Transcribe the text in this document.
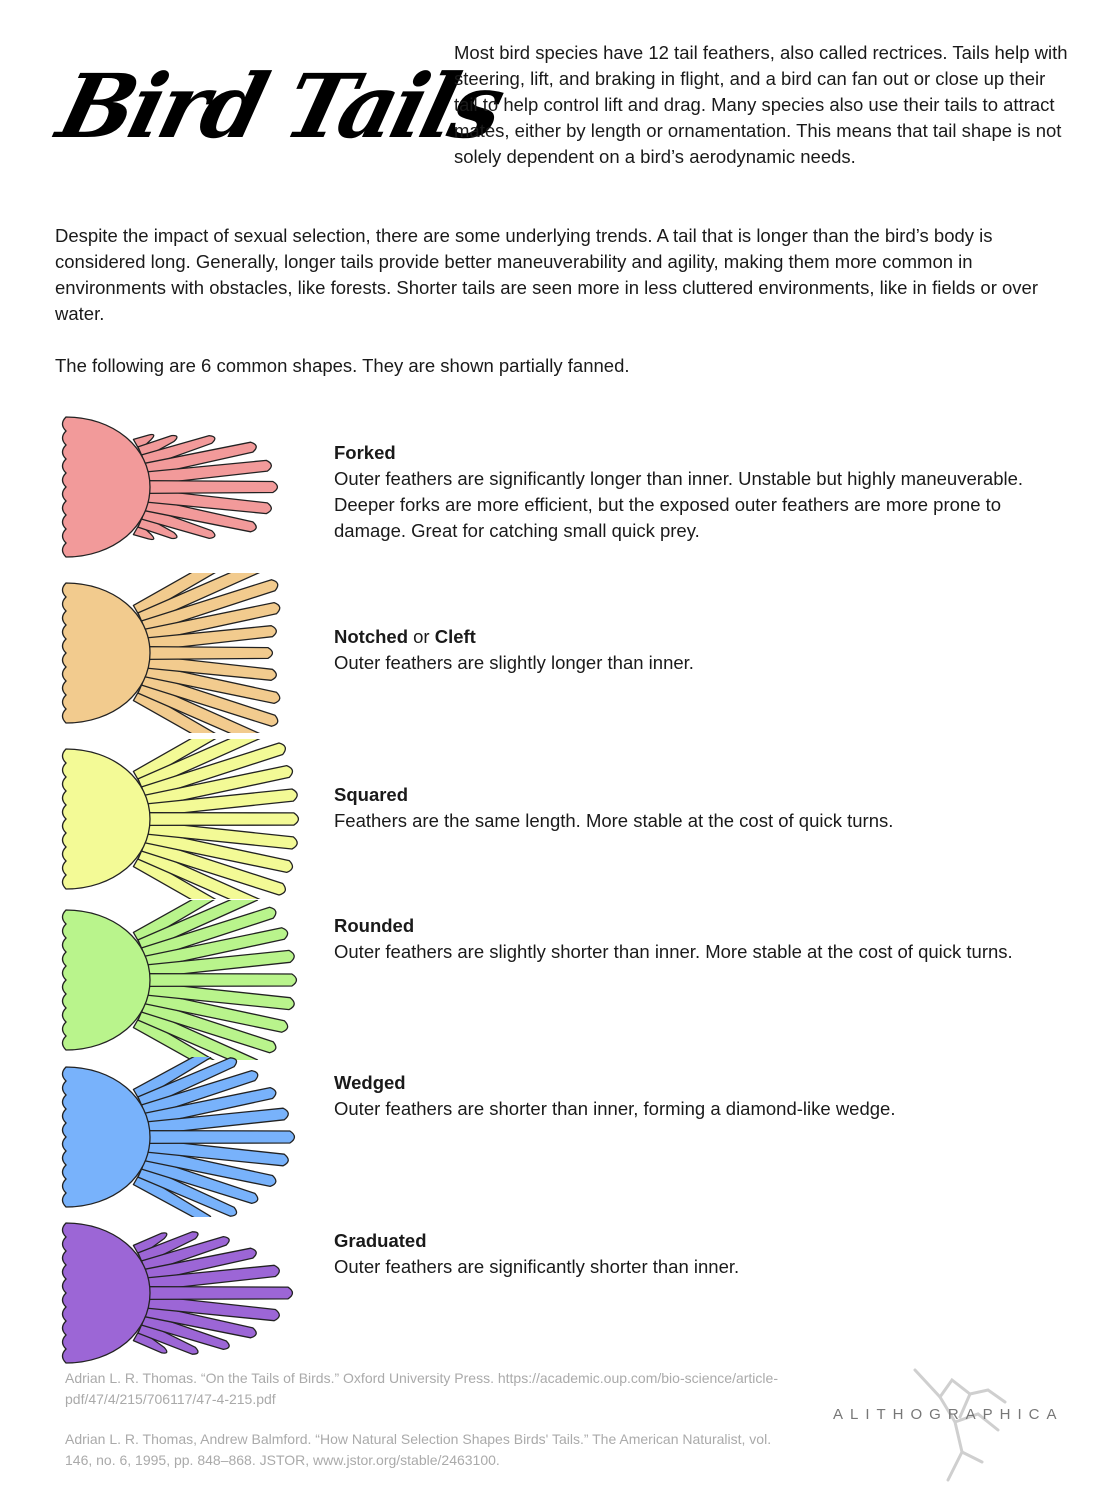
Bird Tails

Most bird species have 12 tail feathers, also called rectrices. Tails help with steering, lift, and braking in flight, and a bird can fan out or close up their tail to help control lift and drag. Many species also use their tails to attract mates, either by length or ornamentation. This means that tail shape is not solely dependent on a bird’s aerodynamic needs.

Despite the impact of sexual selection, there are some underlying trends. A tail that is longer than the bird’s body is considered long. Generally, longer tails provide better maneuverability and agility, making them more common in environments with obstacles, like forests. Shorter tails are seen more in less cluttered environments, like in fields or over water.

The following are 6 common shapes. They are shown partially fanned.

Forked
Outer feathers are significantly longer than inner. Unstable but highly maneuverable. Deeper forks are more efficient, but the exposed outer feathers are more prone to damage. Great for catching small quick prey.
Notched or Cleft
Outer feathers are slightly longer than inner.
Squared
Feathers are the same length. More stable at the cost of quick turns.
Rounded
Outer feathers are slightly shorter than inner. More stable at the cost of quick turns.
Wedged
Outer feathers are shorter than inner, forming a diamond-like wedge.
Graduated
Outer feathers are significantly shorter than inner.

Adrian L. R. Thomas. “On the Tails of Birds.” Oxford University Press. https://academic.oup.com/bio-science/article-pdf/47/4/215/706117/47-4-215.pdf

Adrian L. R. Thomas, Andrew Balmford. “How Natural Selection Shapes Birds' Tails.” The American Naturalist, vol. 146, no. 6, 1995, pp. 848–868. JSTOR, www.jstor.org/stable/2463100.

ALITHOGRAPHICA
